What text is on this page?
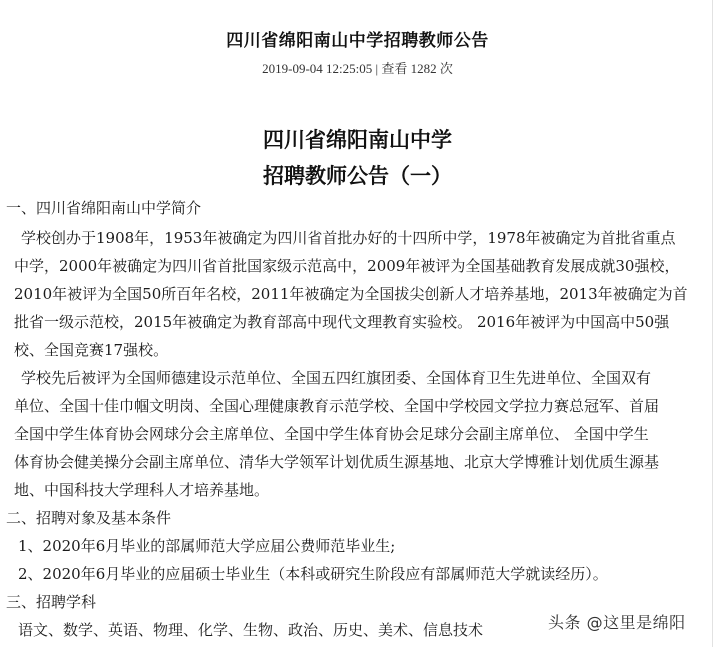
四川省绵阳南山中学招聘教师公告
2019-09-04 12:25:05 | 查看 1282 次
四川省绵阳南山中学
招聘教师公告（一）
一、四川省绵阳南山中学简介
学校创办于1908年，1953年被确定为四川省首批办好的十四所中学，1978年被确定为首批省重点
中学，2000年被确定为四川省首批国家级示范高中，2009年被评为全国基础教育发展成就30强校，
2010年被评为全国50所百年名校，2011年被确定为全国拔尖创新人才培养基地，2013年被确定为首
批省一级示范校，2015年被确定为教育部高中现代文理教育实验校。 2016年被评为中国高中50强
校、全国竞赛17强校。
学校先后被评为全国师德建设示范单位、全国五四红旗团委、全国体育卫生先进单位、全国双有
单位、全国十佳巾帼文明岗、全国心理健康教育示范学校、全国中学校园文学拉力赛总冠军、首届
全国中学生体育协会网球分会主席单位、全国中学生体育协会足球分会副主席单位、 全国中学生
体育协会健美操分会副主席单位、清华大学领军计划优质生源基地、北京大学博雅计划优质生源基
地、中国科技大学理科人才培养基地。
二、招聘对象及基本条件
1、2020年6月毕业的部属师范大学应届公费师范毕业生;
2、2020年6月毕业的应届硕士毕业生（本科或研究生阶段应有部属师范大学就读经历）。
三、招聘学科
语文、数学、英语、物理、化学、生物、政治、历史、美术、信息技术	头条 @这里是绵阳
